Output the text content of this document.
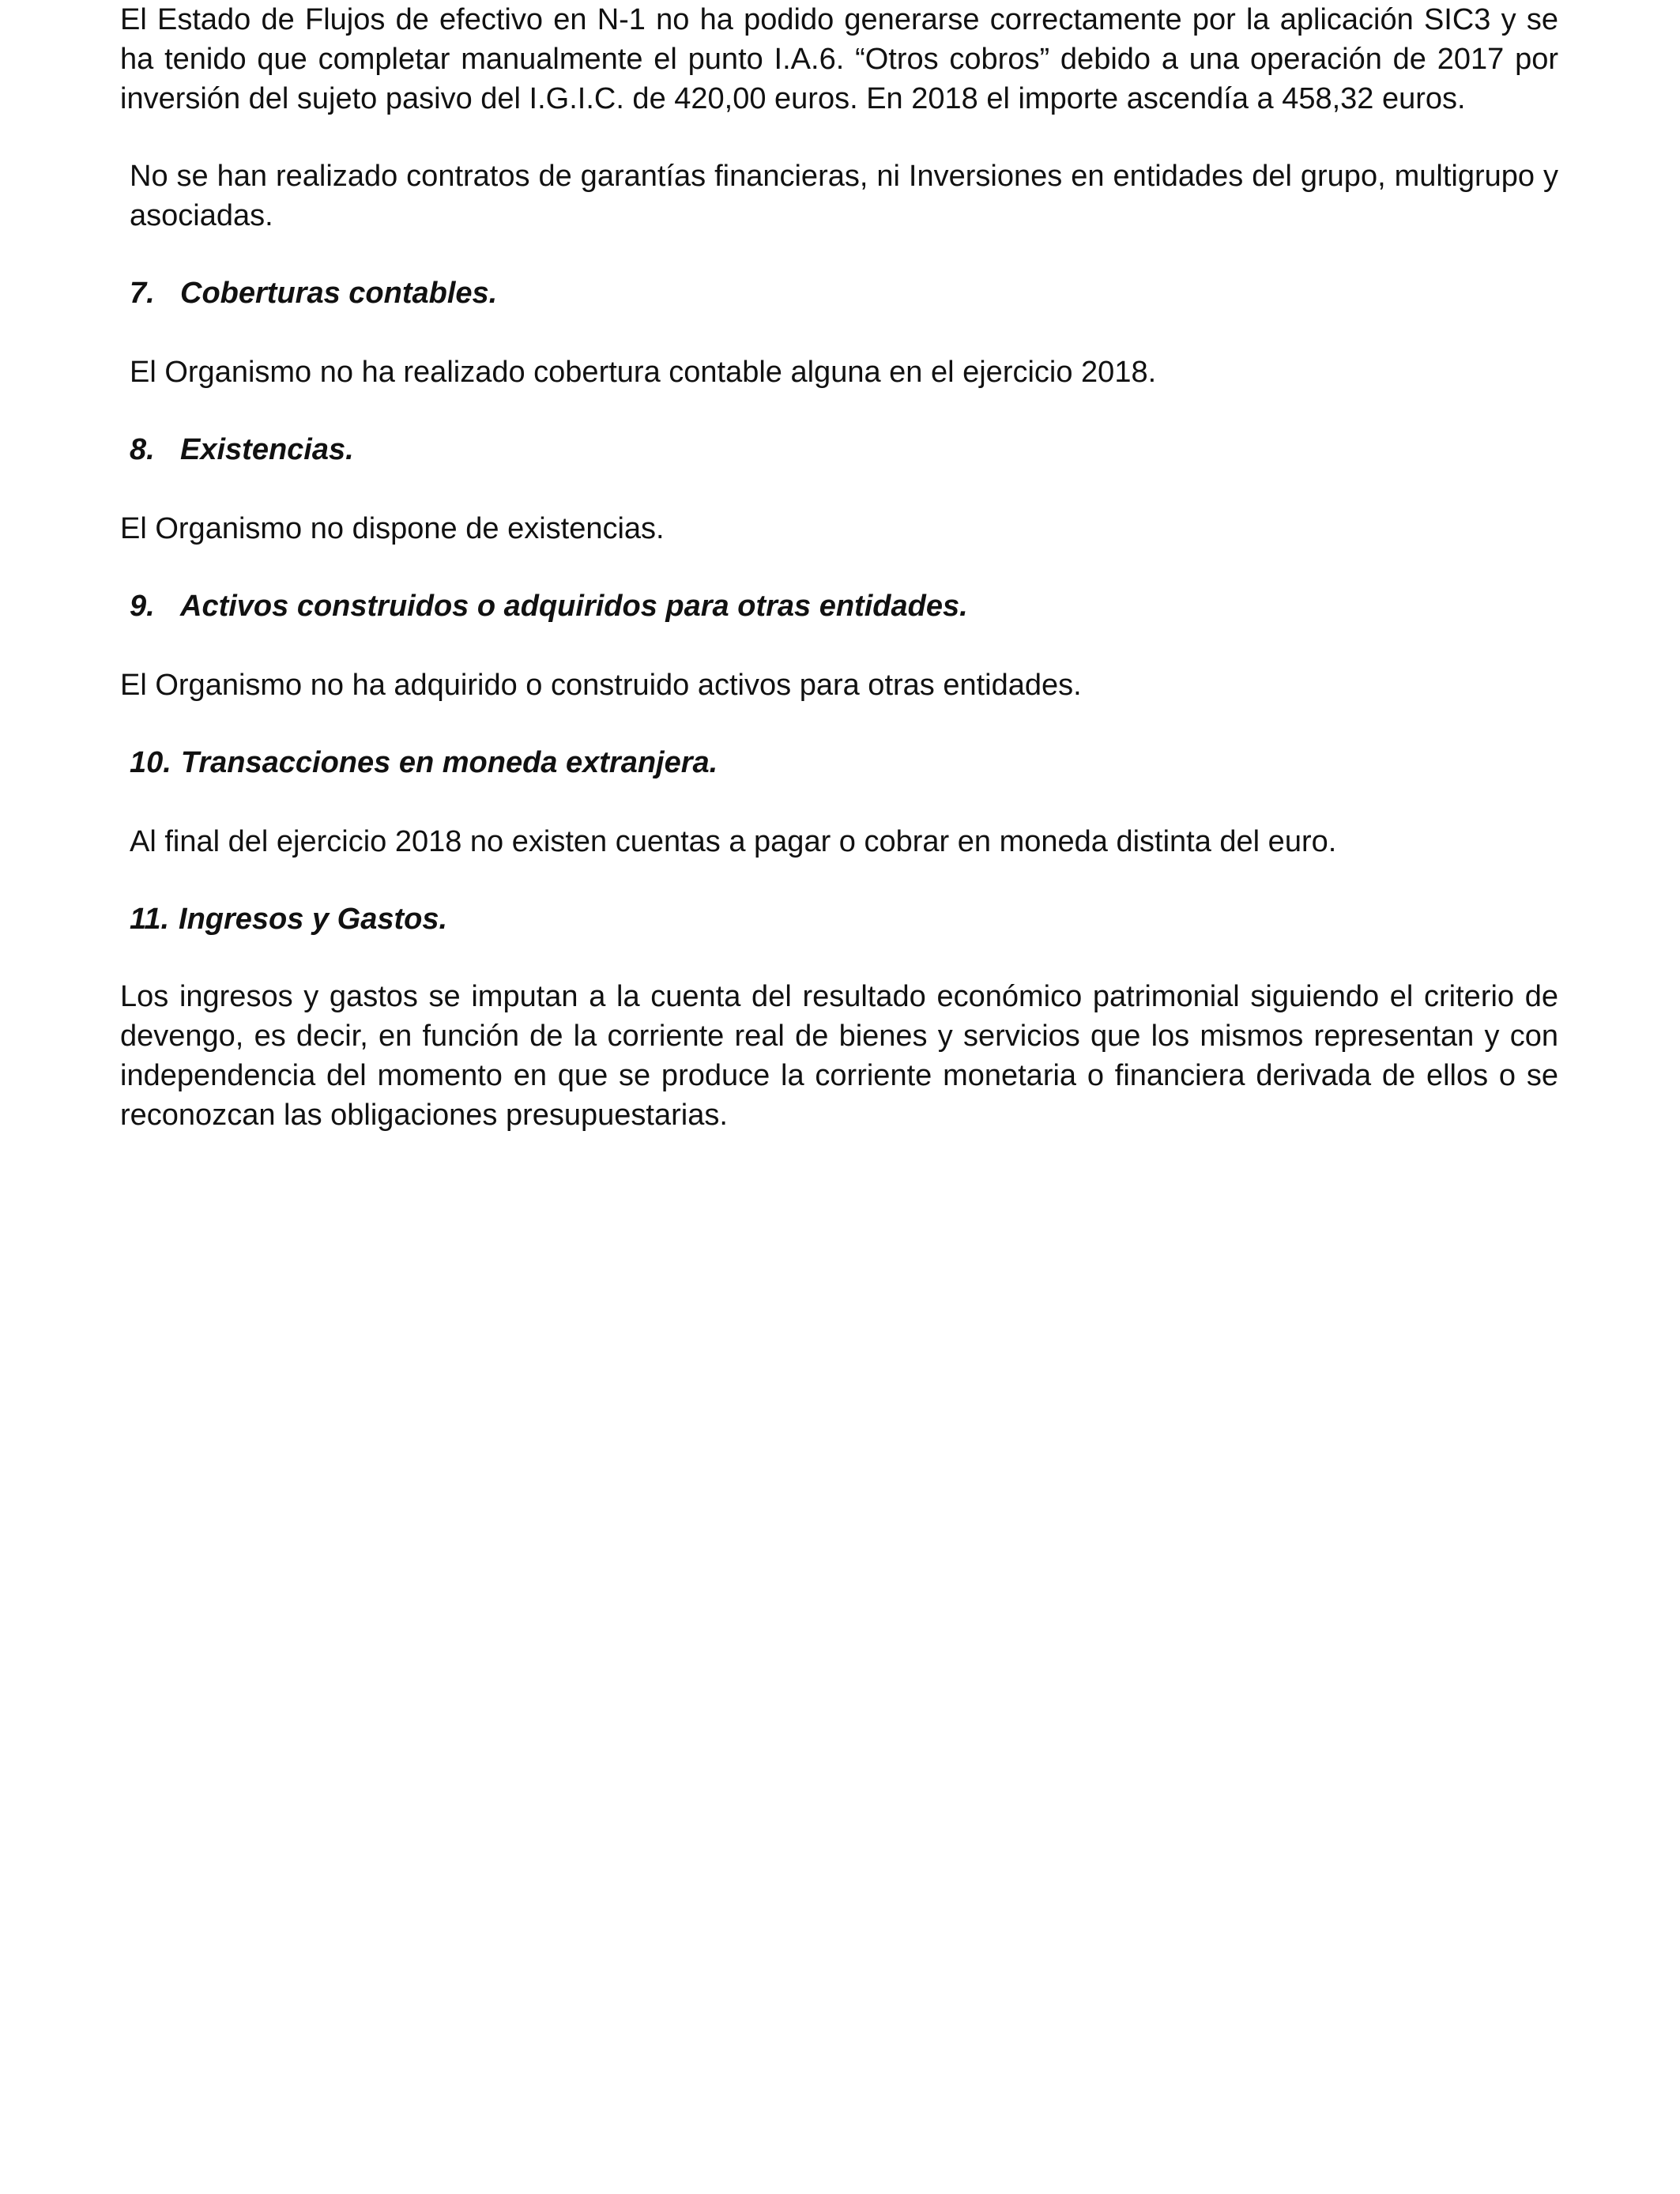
El Estado de Flujos de efectivo en N-1 no ha podido generarse correctamente por la aplicación SIC3 y se ha tenido que completar manualmente el punto I.A.6. “Otros cobros” debido a una operación de 2017 por inversión del sujeto pasivo del I.G.I.C. de 420,00 euros. En 2018 el importe ascendía a 458,32 euros.

No se han realizado contratos de garantías financieras, ni Inversiones en entidades del grupo, multigrupo y asociadas.

7. Coberturas contables.

El Organismo no ha realizado cobertura contable alguna en el ejercicio 2018.

8. Existencias.

El Organismo no dispone de existencias.

9. Activos construidos o adquiridos para otras entidades.

El Organismo no ha adquirido o construido activos para otras entidades.

10. Transacciones en moneda extranjera.

Al final del ejercicio 2018 no existen cuentas a pagar o cobrar en moneda distinta del euro.

11. Ingresos y Gastos.

Los ingresos y gastos se imputan a la cuenta del resultado económico patrimonial siguiendo el criterio de devengo, es decir, en función de la corriente real de bienes y servicios que los mismos representan y con independencia del momento en que se produce la corriente monetaria o financiera derivada de ellos o se reconozcan las obligaciones presupuestarias.
